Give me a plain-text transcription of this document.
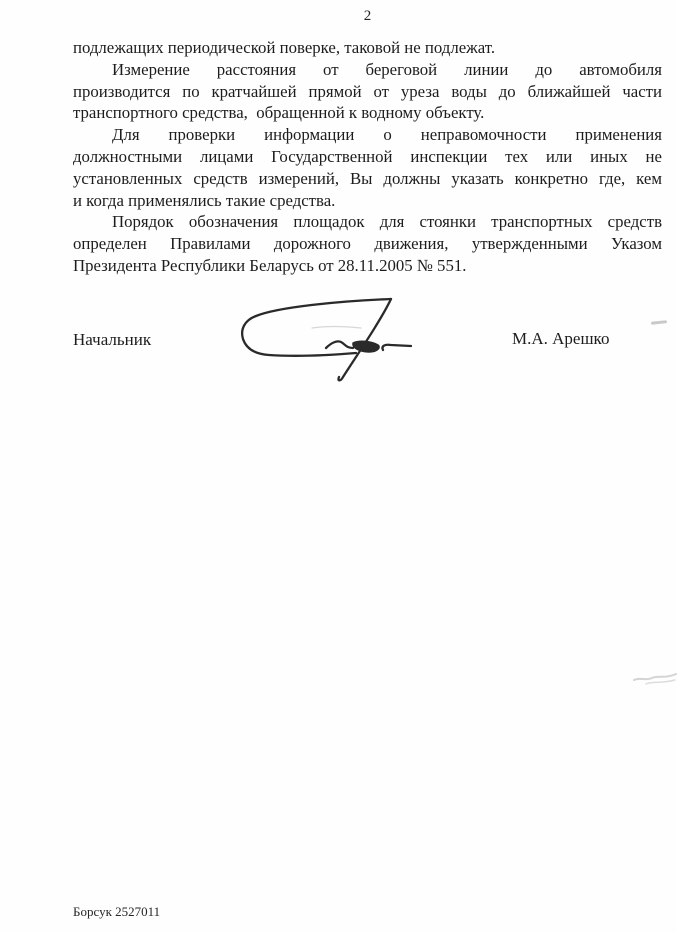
2
подлежащих периодической поверке, таковой не подлежат.
Измерение расстояния от береговой линии до автомобиля
производится по кратчайшей прямой от уреза воды до ближайшей части
транспортного средства,  обращенной к водному объекту.
Для проверки информации о неправомочности применения
должностными лицами Государственной инспекции тех или иных не
установленных средств измерений, Вы должны указать конкретно где, кем
и когда применялись такие средства.
Порядок обозначения площадок для стоянки транспортных средств
определен Правилами дорожного движения, утвержденными Указом
Президента Республики Беларусь от 28.11.2005 № 551.
Начальник	М.А. Арешко
Борсук 2527011
